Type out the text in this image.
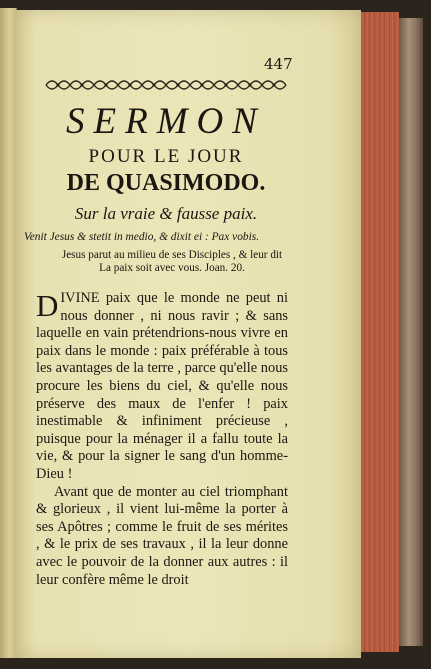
447
SERMON
POUR LE JOUR
DE QUASIMODO.
Sur la vraie & fausse paix.
Venit Jesus & stetit in medio, & dixit ei : Pax vobis.
Jesus parut au milieu de ses Disciples , & leur dit
La paix soit avec vous. Joan. 20.

DIVINE paix que le monde ne peut ni nous donner , ni nous ravir ; & sans laquelle en vain prétendrions-nous vivre en paix dans le monde : paix préférable à tous les avantages de la terre , parce qu'elle nous procure les biens du ciel, & qu'elle nous préserve des maux de l'enfer ! paix inestimable & infiniment précieuse , puisque pour la ménager il a fallu toute la vie, & pour la signer le sang d'un homme-Dieu !

Avant que de monter au ciel triomphant & glorieux , il vient lui-même la porter à ses Apôtres ; comme le fruit de ses mérites , & le prix de ses travaux , il la leur donne avec le pouvoir de la donner aux autres : il leur confère même le droit
